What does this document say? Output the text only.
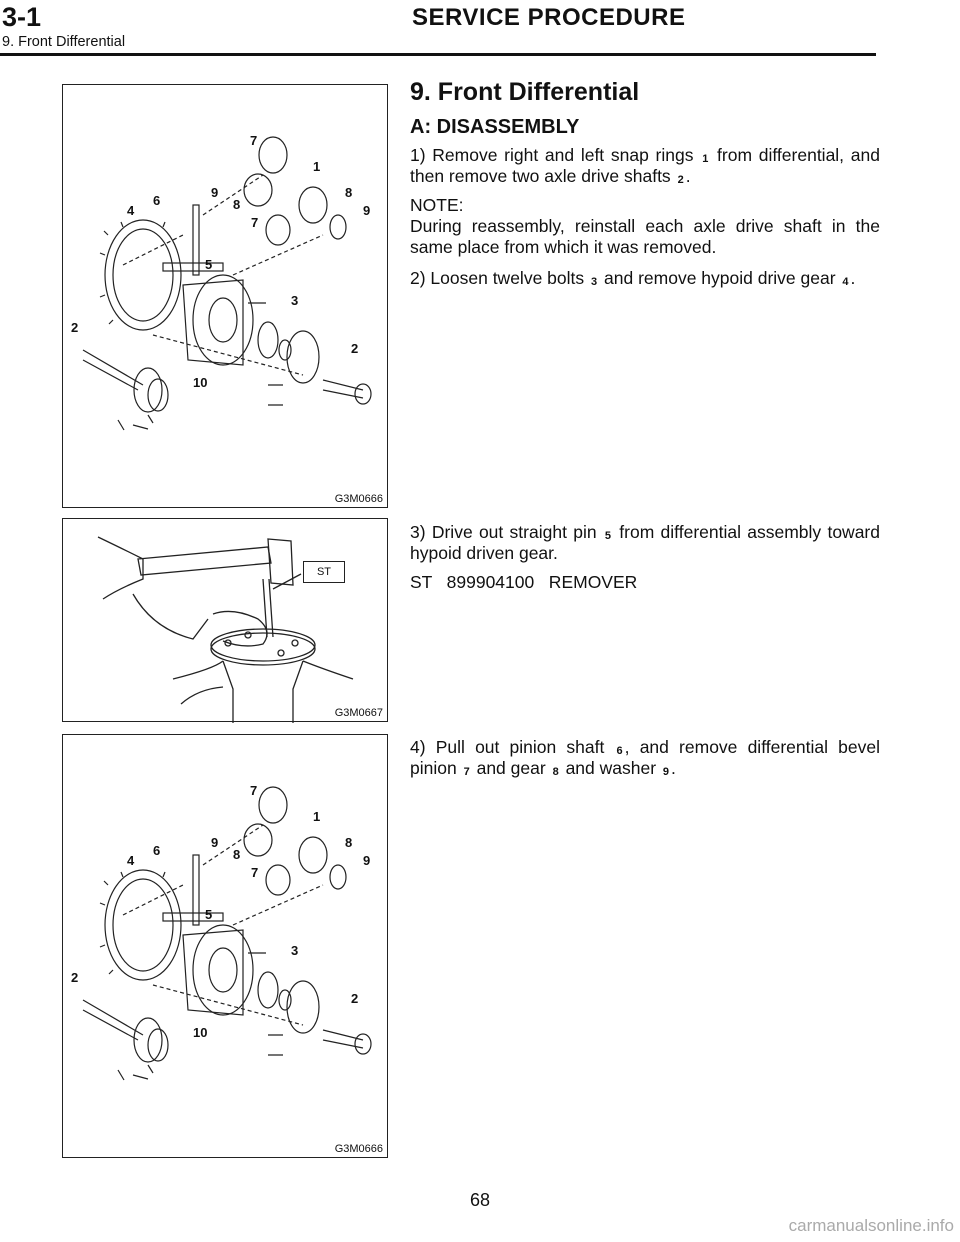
3-1	SERVICE PROCEDURE
9. Front Differential
7
1
9
8
4
6
8
9
7
5
3
2
2
10
G3M0666
ST
G3M0667
7
1
9
8
4
6
8
9
7
5
3
2
2
10
G3M0666
9. Front Differential
A: DISASSEMBLY

1) Remove right and left snap rings 1 from differential, and then remove two axle drive shafts 2 .

NOTE:

During reassembly, reinstall each axle drive shaft in the same place from which it was removed.

2) Loosen twelve bolts 3 and remove hypoid drive gear 4 .

3) Drive out straight pin 5 from differential assembly toward hypoid driven gear.

ST   899904100   REMOVER

4) Pull out pinion shaft 6 , and remove differential bevel pinion 7 and gear 8 and washer 9 .

68
carmanualsonline.info
